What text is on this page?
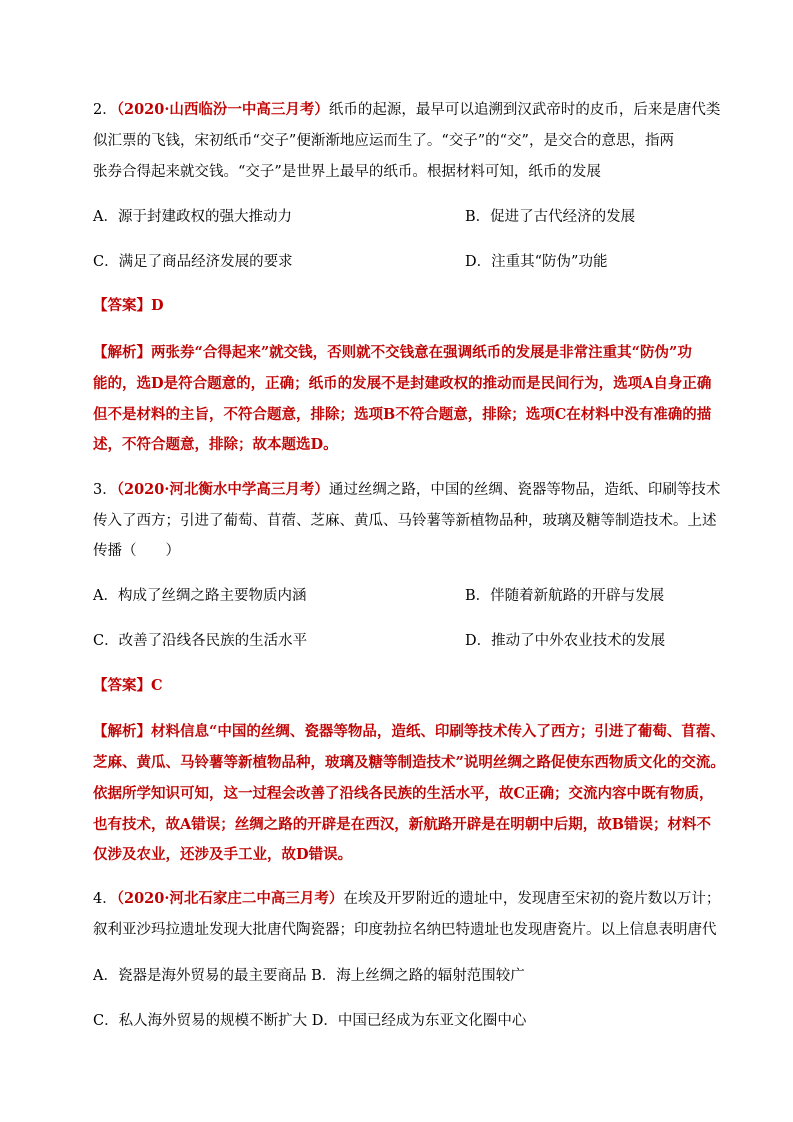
2．（2020·山西临汾一中高三月考）纸币的起源，最早可以追溯到汉武帝时的皮币，后来是唐代类
似汇票的飞钱，宋初纸币“交子”便渐渐地应运而生了。“交子”的“交”，是交合的意思，指两
张券合得起来就交钱。“交子”是世界上最早的纸币。根据材料可知，纸币的发展
A．源于封建政权的强大推动力	B．促进了古代经济的发展
C．满足了商品经济发展的要求	D．注重其“防伪”功能
【答案】D
【解析】两张券“合得起来”就交钱，否则就不交钱意在强调纸币的发展是非常注重其“防伪”功
能的，选D是符合题意的，正确；纸币的发展不是封建政权的推动而是民间行为，选项A自身正确
但不是材料的主旨，不符合题意，排除；选项B不符合题意，排除；选项C在材料中没有准确的描
述，不符合题意，排除；故本题选D。
3．（2020·河北衡水中学高三月考）通过丝绸之路，中国的丝绸、瓷器等物品，造纸、印刷等技术
传入了西方；引进了葡萄、苜蓿、芝麻、黄瓜、马铃薯等新植物品种，玻璃及糖等制造技术。上述
传播（　　）
A．构成了丝绸之路主要物质内涵	B．伴随着新航路的开辟与发展
C．改善了沿线各民族的生活水平	D．推动了中外农业技术的发展
【答案】C
【解析】材料信息“中国的丝绸、瓷器等物品，造纸、印刷等技术传入了西方；引进了葡萄、苜蓿、
芝麻、黄瓜、马铃薯等新植物品种，玻璃及糖等制造技术”说明丝绸之路促使东西物质文化的交流。
依据所学知识可知，这一过程会改善了沿线各民族的生活水平，故C正确；交流内容中既有物质，
也有技术，故A错误；丝绸之路的开辟是在西汉，新航路开辟是在明朝中后期，故B错误；材料不
仅涉及农业，还涉及手工业，故D错误。
4．（2020·河北石家庄二中高三月考）在埃及开罗附近的遗址中，发现唐至宋初的瓷片数以万计；
叙利亚沙玛拉遗址发现大批唐代陶瓷器；印度勃拉名纳巴特遗址也发现唐瓷片。以上信息表明唐代
A．瓷器是海外贸易的最主要商品 B．海上丝绸之路的辐射范围较广
C．私人海外贸易的规模不断扩大 D．中国已经成为东亚文化圈中心
